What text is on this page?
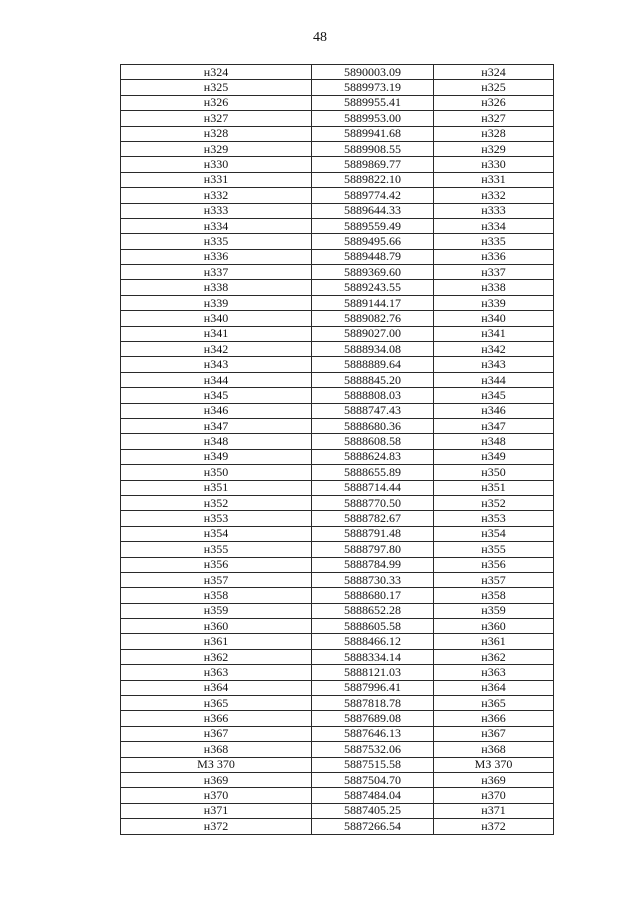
48
н324	5890003.09	н324
н325	5889973.19	н325
н326	5889955.41	н326
н327	5889953.00	н327
н328	5889941.68	н328
н329	5889908.55	н329
н330	5889869.77	н330
н331	5889822.10	н331
н332	5889774.42	н332
н333	5889644.33	н333
н334	5889559.49	н334
н335	5889495.66	н335
н336	5889448.79	н336
н337	5889369.60	н337
н338	5889243.55	н338
н339	5889144.17	н339
н340	5889082.76	н340
н341	5889027.00	н341
н342	5888934.08	н342
н343	5888889.64	н343
н344	5888845.20	н344
н345	5888808.03	н345
н346	5888747.43	н346
н347	5888680.36	н347
н348	5888608.58	н348
н349	5888624.83	н349
н350	5888655.89	н350
н351	5888714.44	н351
н352	5888770.50	н352
н353	5888782.67	н353
н354	5888791.48	н354
н355	5888797.80	н355
н356	5888784.99	н356
н357	5888730.33	н357
н358	5888680.17	н358
н359	5888652.28	н359
н360	5888605.58	н360
н361	5888466.12	н361
н362	5888334.14	н362
н363	5888121.03	н363
н364	5887996.41	н364
н365	5887818.78	н365
н366	5887689.08	н366
н367	5887646.13	н367
н368	5887532.06	н368
МЗ 370	5887515.58	МЗ 370
н369	5887504.70	н369
н370	5887484.04	н370
н371	5887405.25	н371
н372	5887266.54	н372
